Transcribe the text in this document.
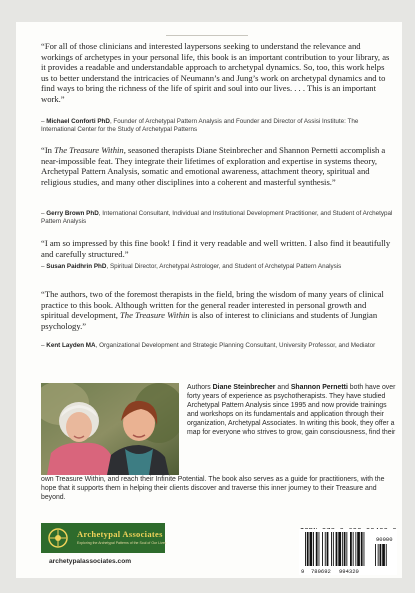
“For all of those clinicians and interested laypersons seeking to understand the relevance and workings of archetypes in your personal life, this book is an important contribution to your library, as it provides a readable and understandable approach to archetypal dynamics. So, too, this work helps us to better understand the intricacies of Neumann’s and Jung’s work on archetypal dynamics and to find ways to bring the richness of the life of spirit and soul into our lives. . . . This is an important work.”
– Michael Conforti PhD, Founder of Archetypal Pattern Analysis and Founder and Director of Assisi Institute: The International Center for the Study of Archetypal Patterns
“In The Treasure Within, seasoned therapists Diane Steinbrecher and Shannon Pernetti accomplish a near-impossible feat. They integrate their lifetimes of exploration and expertise in systems theory, Archetypal Pattern Analysis, somatic and emotional awareness, attachment theory, spiritual and religious studies, and many other disciplines into a coherent and masterful synthesis.”
– Gerry Brown PhD, International Consultant, Individual and Institutional Development Practitioner, and Student of Archetypal Pattern Analysis
“I am so impressed by this fine book! I find it very readable and well written. I also find it beautifully and carefully structured.”
– Susan Paidhrin PhD, Spiritual Director, Archetypal Astrologer, and Student of Archetypal Pattern Analysis
“The authors, two of the foremost therapists in the field, bring the wisdom of many years of clinical practice to this book. Although written for the general reader interested in personal growth and spiritual development, The Treasure Within is also of interest to clinicians and students of Jungian psychology.”
– Kent Layden MA, Organizational Development and Strategic Planning Consultant, University Professor, and Mediator
Authors Diane Steinbrecher and Shannon Pernetti both have over forty years of experience as psychotherapists. They have studied Archetypal Pattern Analysis since 1995 and now provide trainings and workshops on its fundamentals and application through their organization, Archetypal Associates. In writing this book, they offer a map for everyone who strives to grow, gain consciousness, find their
own Treasure Within, and reach their Infinite Potential. The book also serves as a guide for practitioners, with the hope that it supports them in helping their clients discover and traverse this inner journey to their Treasure and beyond.
Archetypal Associates
Exploring the Archetypal Patterns of the Soul of Our Lives
archetypalassociates.com
9 780692 994320
90000
